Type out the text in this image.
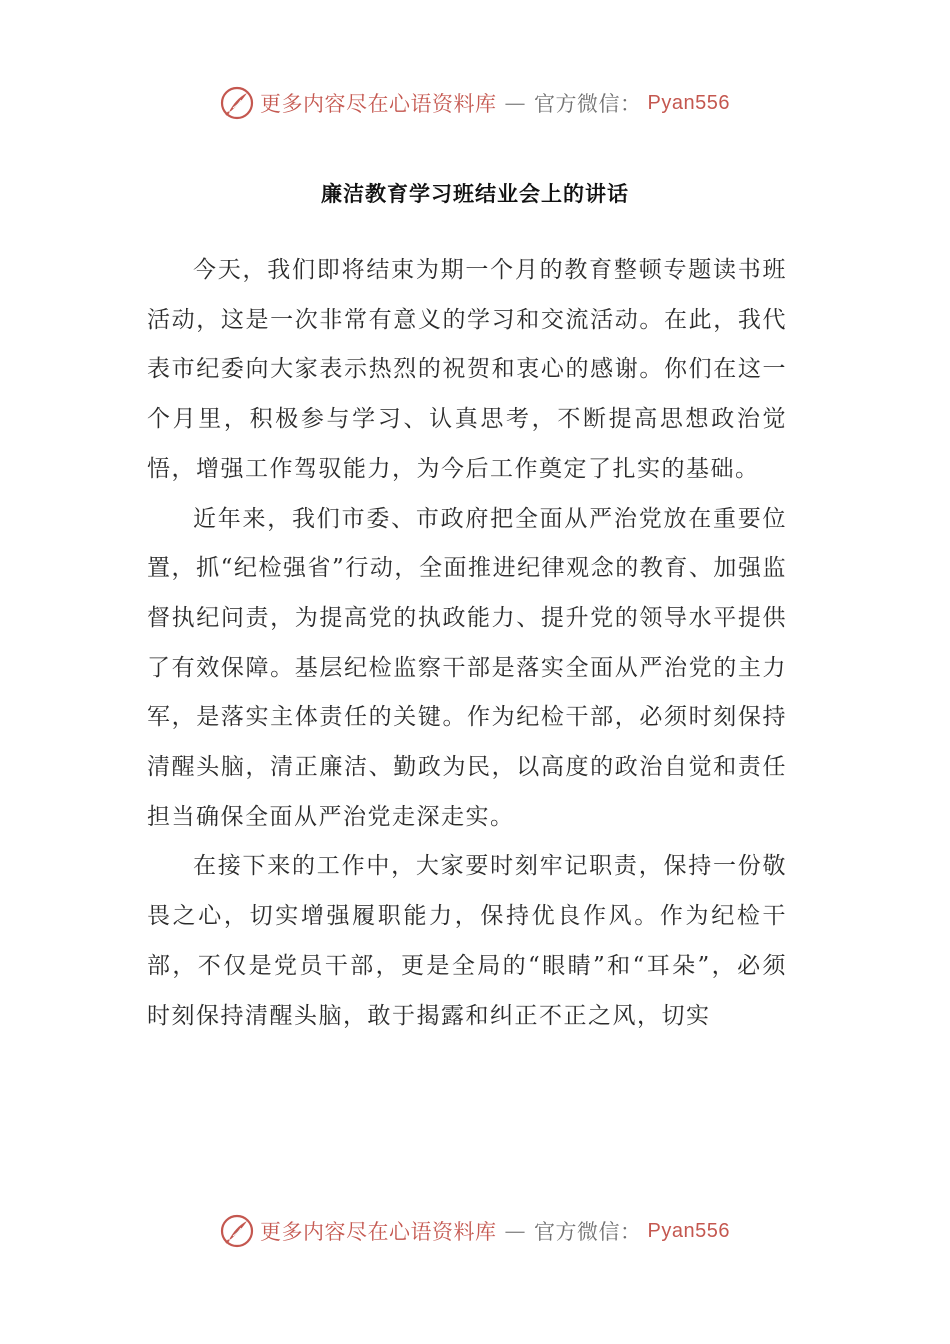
更多内容尽在心语资料库 — 官方微信： Pyan556
廉洁教育学习班结业会上的讲话

今天，我们即将结束为期一个月的教育整顿专题读书班活动，这是一次非常有意义的学习和交流活动。在此，我代表市纪委向大家表示热烈的祝贺和衷心的感谢。你们在这一个月里，积极参与学习、认真思考，不断提高思想政治觉悟，增强工作驾驭能力，为今后工作奠定了扎实的基础。

近年来，我们市委、市政府把全面从严治党放在重要位置，抓“纪检强省”行动，全面推进纪律观念的教育、加强监督执纪问责，为提高党的执政能力、提升党的领导水平提供了有效保障。基层纪检监察干部是落实全面从严治党的主力军，是落实主体责任的关键。作为纪检干部，必须时刻保持清醒头脑，清正廉洁、勤政为民，以高度的政治自觉和责任担当确保全面从严治党走深走实。

在接下来的工作中，大家要时刻牢记职责，保持一份敬畏之心，切实增强履职能力，保持优良作风。作为纪检干部，不仅是党员干部，更是全局的“眼睛”和“耳朵”，必须时刻保持清醒头脑，敢于揭露和纠正不正之风，切实

更多内容尽在心语资料库 — 官方微信： Pyan556
